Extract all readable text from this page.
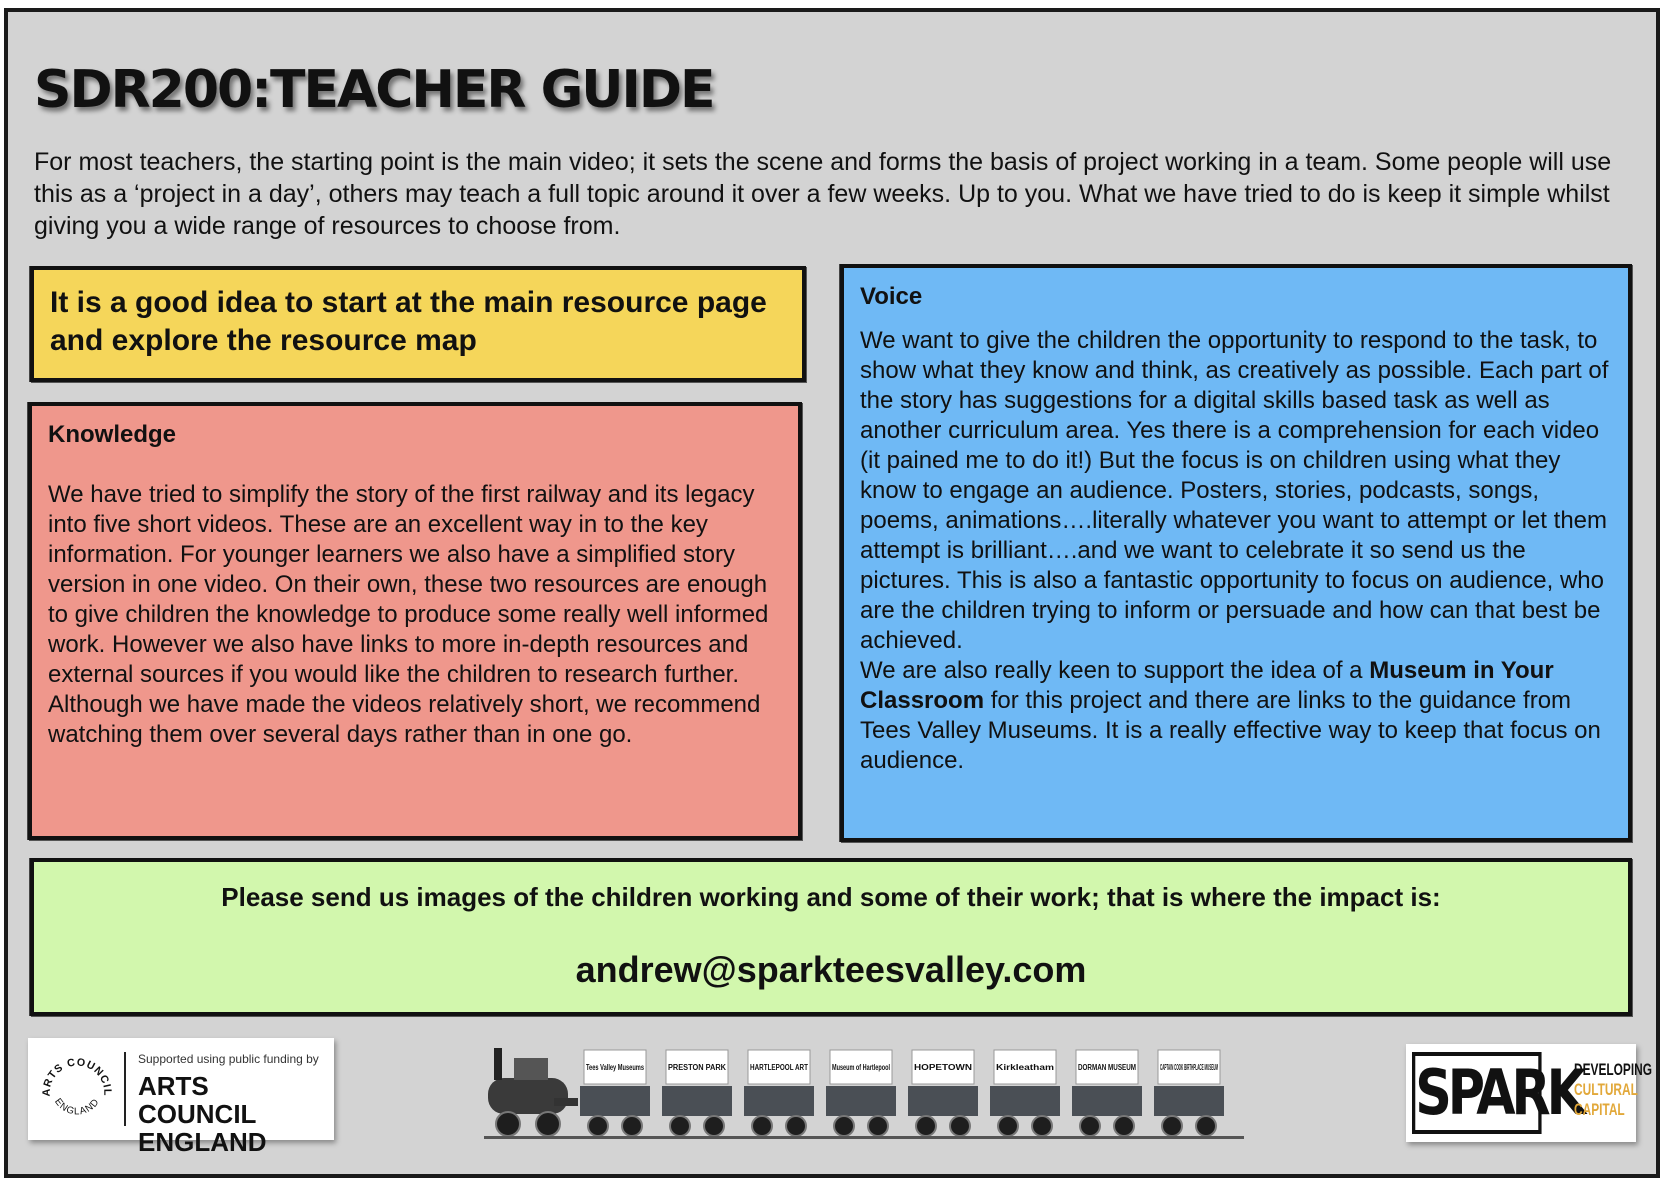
SDR200:TEACHER GUIDE

For most teachers, the starting point is the main video; it sets the scene and forms the basis of project working in a team. Some people will use this as a ‘project in a day’, others may teach a full topic around it over a few weeks. Up to you. What we have tried to do is keep it simple whilst giving you a wide range of resources to choose from.

It is a good idea to start at the main resource page and explore the resource map

Knowledge

We have tried to simplify the story of the first railway and its legacy into five short videos. These are an excellent way in to the key information. For younger learners we also have a simplified story version in one video. On their own, these two resources are enough to give children the knowledge to produce some really well informed work. However we also have links to more in-depth resources and external sources if you would like the children to research further.
Although we have made the videos relatively short, we recommend watching them over several days rather than in one go.

Voice

We want to give the children the opportunity to respond to the task, to show what they know and think, as creatively as possible. Each part of the story has suggestions for a digital skills based task as well as another curriculum area. Yes there is a comprehension for each video (it pained me to do it!) But the focus is on children using what they know to engage an audience. Posters, stories, podcasts, songs, poems, animations….literally whatever you want to attempt or let them attempt is brilliant….and we want to celebrate it so send us the pictures. This is also a fantastic opportunity to focus on audience, who are the children trying to inform or persuade and how can that best be achieved.

We are also really keen to support the idea of a Museum in Your Classroom for this project and there are links to the guidance from Tees Valley Museums. It is a really effective way to keep that focus on audience.

Please send us images of the children working and some of their work; that is where the impact is:

andrew@sparkteesvalley.com

ARTS COUNCIL
ENGLAND
Supported using public funding by
ARTS COUNCIL
ENGLAND
Tees Valley Museums	PRESTON PARK	HARTLEPOOL ART	Museum of Hartlepool	HOPETOWN	Kirkleatham	DORMAN MUSEUM	CAPTAIN COOK BIRTHPLACE MUSEUM	SPARK
DEVELOPING
CULTURAL
CAPITAL
